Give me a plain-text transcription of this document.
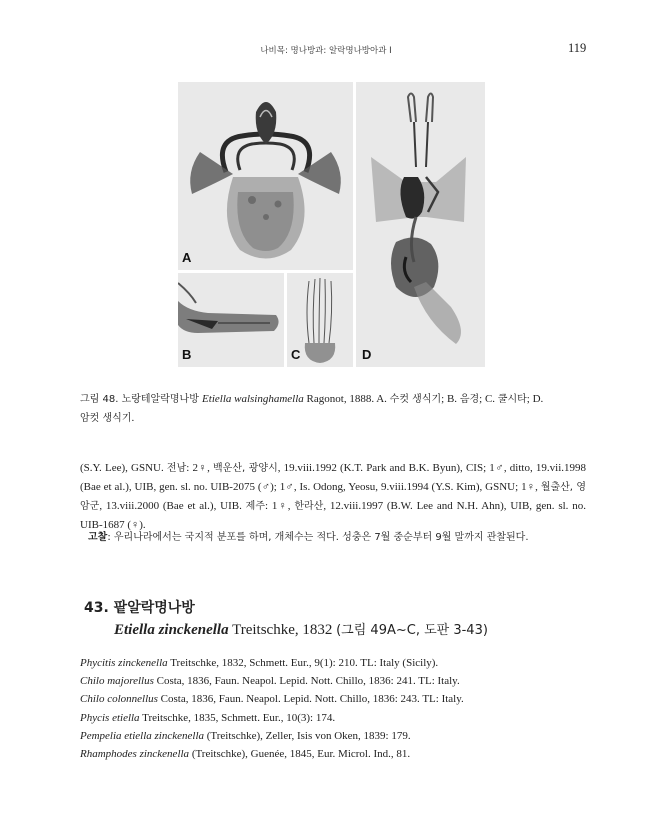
나비목: 명나방과: 알락명나방아과 I	119
A
B	C	D
그림 48. 노랑테알락명나방 Etiella walsinghamella Ragonot, 1888. A. 수컷 생식기; B. 음경; C. 쿨시타; D.
암컷 생식기.
(S.Y. Lee), GSNU. 전남: 2♀, 백운산, 광양시, 19.viii.1992 (K.T. Park and B.K. Byun), CIS; 1♂, ditto, 19.vii.1998 (Bae et al.), UIB, gen. sl. no. UIB-2075 (♂); 1♂, Is. Odong, Yeosu, 9.viii.1994 (Y.S. Kim), GSNU; 1♀, 월출산, 영암군, 13.viii.2000 (Bae et al.), UIB. 제주: 1♀, 한라산, 12.viii.1997 (B.W. Lee and N.H. Ahn), UIB, gen. sl. no. UIB-1687 (♀).
고찰: 우리나라에서는 국지적 분포를 하며, 개체수는 적다. 성충은 7월 중순부터 9월 말까지 관찰된다.
43. 팥알락명나방
Etiella zinckenella Treitschke, 1832 (그림 49A~C, 도판 3-43)
Phycitis zinckenella Treitschke, 1832, Schmett. Eur., 9(1): 210. TL: Italy (Sicily).
Chilo majorellus Costa, 1836, Faun. Neapol. Lepid. Nott. Chillo, 1836: 241. TL: Italy.
Chilo colonnellus Costa, 1836, Faun. Neapol. Lepid. Nott. Chillo, 1836: 243. TL: Italy.
Phycis etiella Treitschke, 1835, Schmett. Eur., 10(3): 174.
Pempelia etiella zinckenella (Treitschke), Zeller, Isis von Oken, 1839: 179.
Rhamphodes zinckenella (Treitschke), Guenée, 1845, Eur. Microl. Ind., 81.
